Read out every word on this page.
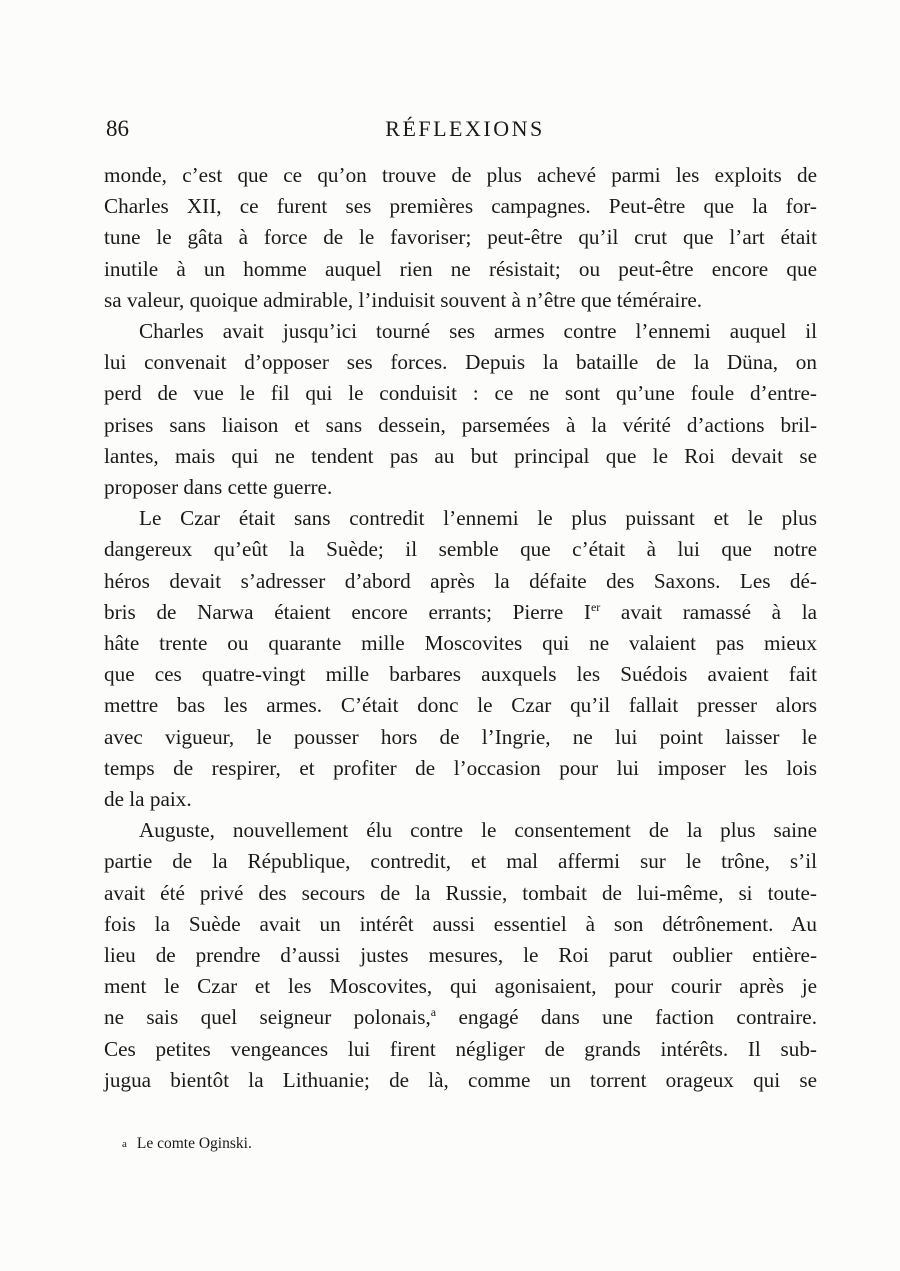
86	RÉFLEXIONS

monde, c’est que ce qu’on trouve de plus achevé parmi les exploits de
Charles XII, ce furent ses premières campagnes. Peut-être que la for-
tune le gâta à force de le favoriser; peut-être qu’il crut que l’art était
inutile à un homme auquel rien ne résistait; ou peut-être encore que
sa valeur, quoique admirable, l’induisit souvent à n’être que téméraire.

Charles avait jusqu’ici tourné ses armes contre l’ennemi auquel il
lui convenait d’opposer ses forces. Depuis la bataille de la Düna, on
perd de vue le fil qui le conduisit : ce ne sont qu’une foule d’entre-
prises sans liaison et sans dessein, parsemées à la vérité d’actions bril-
lantes, mais qui ne tendent pas au but principal que le Roi devait se
proposer dans cette guerre.

Le Czar était sans contredit l’ennemi le plus puissant et le plus
dangereux qu’eût la Suède; il semble que c’était à lui que notre
héros devait s’adresser d’abord après la défaite des Saxons. Les dé-
bris de Narwa étaient encore errants; Pierre Ier avait ramassé à la
hâte trente ou quarante mille Moscovites qui ne valaient pas mieux
que ces quatre-vingt mille barbares auxquels les Suédois avaient fait
mettre bas les armes. C’était donc le Czar qu’il fallait presser alors
avec vigueur, le pousser hors de l’Ingrie, ne lui point laisser le
temps de respirer, et profiter de l’occasion pour lui imposer les lois
de la paix.

Auguste, nouvellement élu contre le consentement de la plus saine
partie de la République, contredit, et mal affermi sur le trône, s’il
avait été privé des secours de la Russie, tombait de lui-même, si toute-
fois la Suède avait un intérêt aussi essentiel à son détrônement. Au
lieu de prendre d’aussi justes mesures, le Roi parut oublier entière-
ment le Czar et les Moscovites, qui agonisaient, pour courir après je
ne sais quel seigneur polonais,$^a$ engagé dans une faction contraire.
Ces petites vengeances lui firent négliger de grands intérêts. Il sub-
jugua bientôt la Lithuanie; de là, comme un torrent orageux qui se

a Le comte Oginski.
